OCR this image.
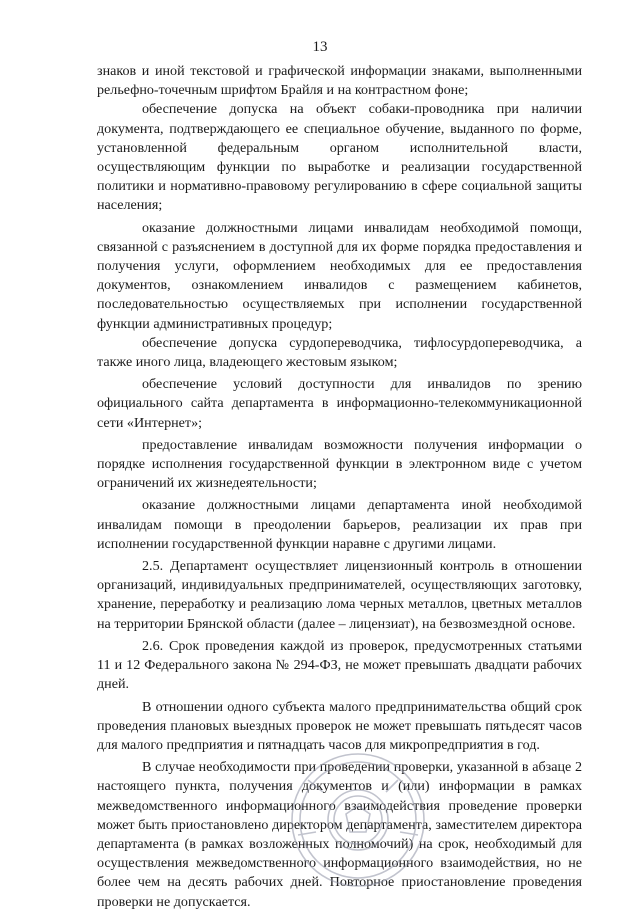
13

знаков и иной текстовой и графической информации знаками, выполненными рельефно-точечным шрифтом Брайля и на контрастном фоне;

обеспечение допуска на объект собаки-проводника при наличии документа, подтверждающего ее специальное обучение, выданного по форме, установленной федеральным органом исполнительной власти, осуществляющим функции по выработке и реализации государственной политики и нормативно-правовому регулированию в сфере социальной защиты населения;

оказание должностными лицами инвалидам необходимой помощи, связанной с разъяснением в доступной для их форме порядка предоставления и получения услуги, оформлением необходимых для ее предоставления документов, ознакомлением инвалидов с размещением кабинетов, последовательностью осуществляемых при исполнении государственной функции административных процедур;

обеспечение допуска сурдопереводчика, тифлосурдопереводчика, а также иного лица, владеющего жестовым языком;

обеспечение условий доступности для инвалидов по зрению официального сайта департамента в информационно-телекоммуникационной сети «Интернет»;

предоставление инвалидам возможности получения информации о порядке исполнения государственной функции в электронном виде с учетом ограничений их жизнедеятельности;

оказание должностными лицами департамента иной необходимой инвалидам помощи в преодолении барьеров, реализации их прав при исполнении государственной функции наравне с другими лицами.

2.5. Департамент осуществляет лицензионный контроль в отношении организаций, индивидуальных предпринимателей, осуществляющих заготовку, хранение, переработку и реализацию лома черных металлов, цветных металлов на территории Брянской области (далее – лицензиат), на безвозмездной основе.

2.6. Срок проведения каждой из проверок, предусмотренных статьями 11 и 12 Федерального закона № 294-ФЗ, не может превышать двадцати рабочих дней.

В отношении одного субъекта малого предпринимательства общий срок проведения плановых выездных проверок не может превышать пятьдесят часов для малого предприятия и пятнадцать часов для микропредприятия в год.

В случае необходимости при проведении проверки, указанной в абзаце 2 настоящего пункта, получения документов и (или) информации в рамках межведомственного информационного взаимодействия проведение проверки может быть приостановлено директором департамента, заместителем директора департамента (в рамках возложенных полномочий) на срок, необходимый для осуществления межведомственного информационного взаимодействия, но не более чем на десять рабочих дней. Повторное приостановление проведения проверки не допускается.
